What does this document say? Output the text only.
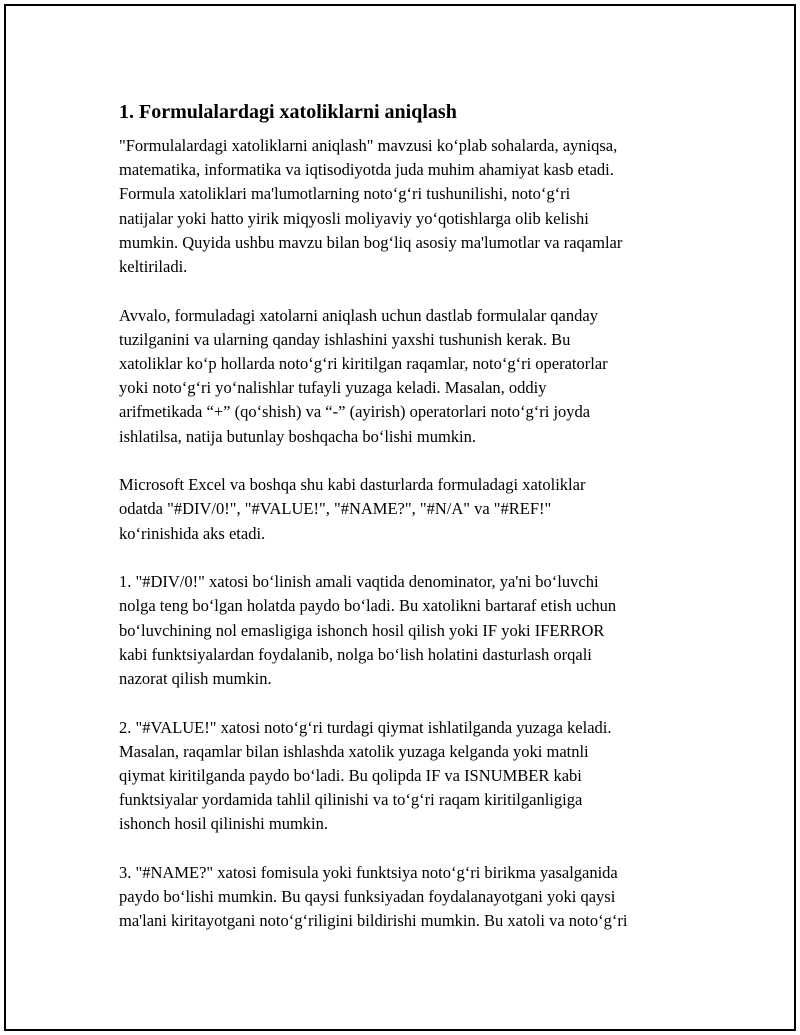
1. Formulalardagi xatoliklarni aniqlash
"Formulalardagi xatoliklarni aniqlash" mavzusi koʻplab sohalarda, ayniqsa,
matematika, informatika va iqtisodiyotda juda muhim ahamiyat kasb etadi.
Formula xatoliklari ma'lumotlarning notoʻgʻri tushunilishi, notoʻgʻri
natijalar yoki hatto yirik miqyosli moliyaviy yoʻqotishlarga olib kelishi
mumkin. Quyida ushbu mavzu bilan bogʻliq asosiy ma'lumotlar va raqamlar
keltiriladi.
Avvalo, formuladagi xatolarni aniqlash uchun dastlab formulalar qanday
tuzilganini va ularning qanday ishlashini yaxshi tushunish kerak. Bu
xatoliklar koʻp hollarda notoʻgʻri kiritilgan raqamlar, notoʻgʻri operatorlar
yoki notoʻgʻri yoʻnalishlar tufayli yuzaga keladi. Masalan, oddiy
arifmetikada “+” (qoʻshish) va “-” (ayirish) operatorlari notoʻgʻri joyda
ishlatilsa, natija butunlay boshqacha boʻlishi mumkin.
Microsoft Excel va boshqa shu kabi dasturlarda formuladagi xatoliklar
odatda "#DIV/0!", "#VALUE!", "#NAME?", "#N/A" va "#REF!"
koʻrinishida aks etadi.
1. "#DIV/0!" xatosi boʻlinish amali vaqtida denominator, ya'ni boʻluvchi
nolga teng boʻlgan holatda paydo boʻladi. Bu xatolikni bartaraf etish uchun
boʻluvchining nol emasligiga ishonch hosil qilish yoki IF yoki IFERROR
kabi funktsiyalardan foydalanib, nolga boʻlish holatini dasturlash orqali
nazorat qilish mumkin.
2. "#VALUE!" xatosi notoʻgʻri turdagi qiymat ishlatilganda yuzaga keladi.
Masalan, raqamlar bilan ishlashda xatolik yuzaga kelganda yoki matnli
qiymat kiritilganda paydo boʻladi. Bu qolipda IF va ISNUMBER kabi
funktsiyalar yordamida tahlil qilinishi va toʻgʻri raqam kiritilganligiga
ishonch hosil qilinishi mumkin.
3. "#NAME?" xatosi fomisula yoki funktsiya notoʻgʻri birikma yasalganida
paydo boʻlishi mumkin. Bu qaysi funksiyadan foydalanayotgani yoki qaysi
ma'lani kiritayotgani notoʻgʻriligini bildirishi mumkin. Bu xatoli va notoʻgʻri
